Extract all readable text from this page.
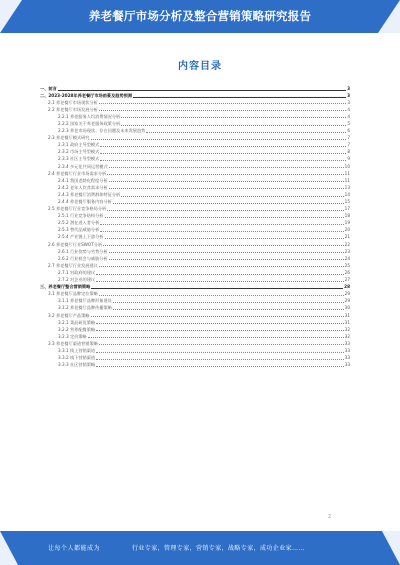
养老餐厅市场分析及整合营销策略研究报告
内容目录
一、前言	3
二、2023-2028年养老餐厅市场前景及趋势预测	3
2.1 养老餐厅市场现状分析	3
2.2 养老餐厅市场发展分析	4
2.2.1 养老服务人均消费情况分析	4
2.2.2 国家关于养老服务政策分析	5
2.2.3 养老市场现状、存在问题及未来发展趋势	6
2.3 养老餐厅模式研究	7
2.3.1 政府主导型模式	7
2.3.2 市场主导型模式	8
2.3.3 社区主导型模式	9
2.3.4 多元化共同运营模式	10
2.4 养老餐厅行业市场需求分析	11
2.4.1 我国老龄化程度分析	11
2.4.2 老年人饮食需求分析	13
2.4.3 养老餐厅消费群体特征分析	14
2.4.4 养老餐厅服务内容分析	15
2.5 养老餐厅行业竞争格局分析	17
2.5.1 行业竞争结构分析	18
2.5.2 潜在进入者分析	19
2.5.3 替代品威胁分析	20
2.5.4 产业链上下游分析	21
2.6 养老餐厅行业SWOT分析	22
2.6.1 行业优势与劣势分析	23
2.6.2 行业机会与威胁分析	24
2.7 养老餐厅行业发展建议	25
2.7.1 对政府的建议	26
2.7.2 对企业的建议	27
三、养老餐厅整合营销策略	28
3.1 养老餐厅品牌定位策略	29
3.1.1 养老餐厅品牌形象建设	29
3.1.2 养老餐厅品牌传播策略	30
3.2 养老餐厅产品策略	31
3.2.1 菜品研发策略	31
3.2.2 营养配餐策略	32
3.2.3 定价策略	32
3.3 养老餐厅渠道营销策略	33
3.3.1 线上营销渠道	33
3.3.2 线下营销渠道	33
3.3.3 社区营销策略	33
2
让每个人都能成为	行业专家，管理专家，营销专家，战略专家，成功企业家……
